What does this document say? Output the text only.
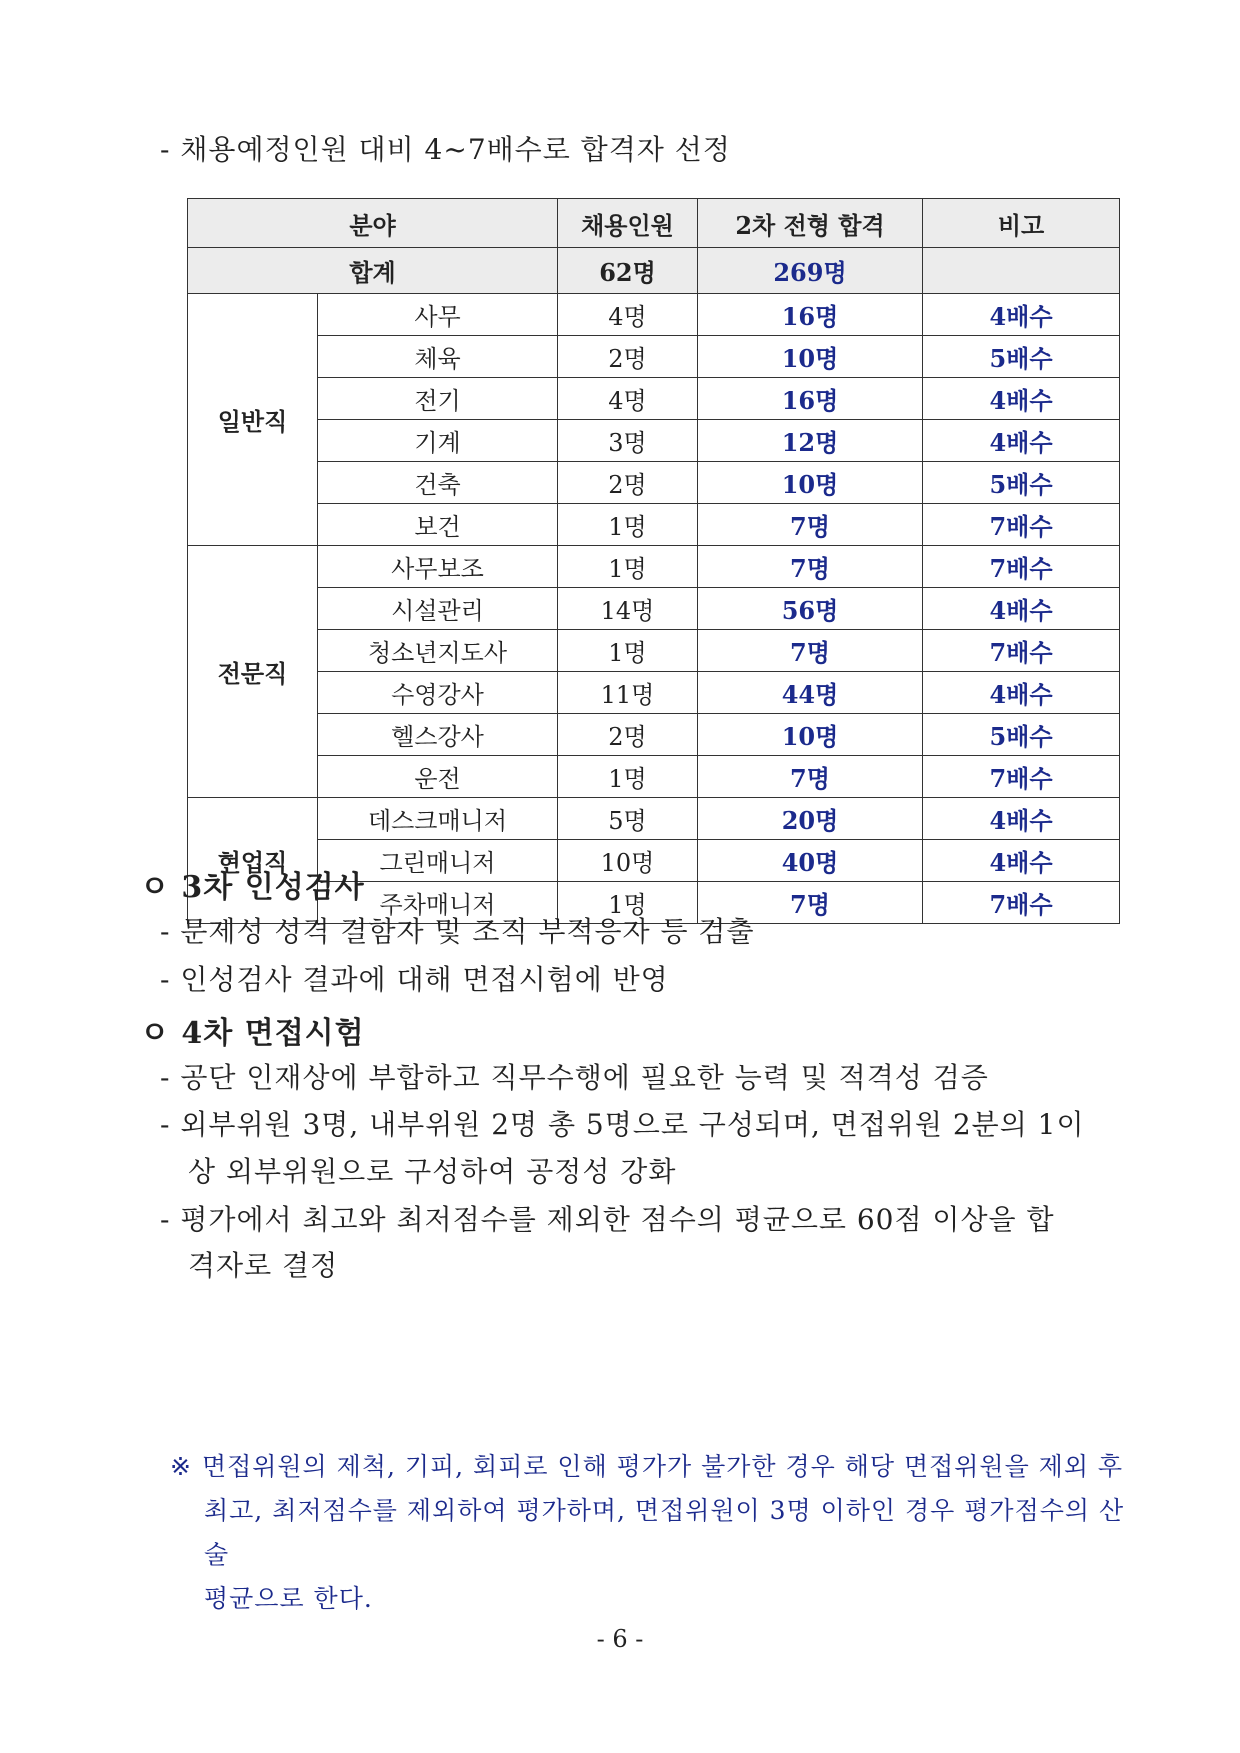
- 채용예정인원 대비 4~7배수로 합격자 선정
분야		채용인원	2차 전형 합격	비고
합계		62명	269명	
일반직	사무	4명	16명	4배수
	체육	2명	10명	5배수
	전기	4명	16명	4배수
	기계	3명	12명	4배수
	건축	2명	10명	5배수
	보건	1명	7명	7배수
전문직	사무보조	1명	7명	7배수
	시설관리	14명	56명	4배수
	청소년지도사	1명	7명	7배수
	수영강사	11명	44명	4배수
	헬스강사	2명	10명	5배수
	운전	1명	7명	7배수
현업직	데스크매니저	5명	20명	4배수
	그린매니저	10명	40명	4배수
	주차매니저	1명	7명	7배수
ㅇ 3차 인성검사
- 문제성 성격 결함자 및 조직 부적응자 등 검출
- 인성검사 결과에 대해 면접시험에 반영
ㅇ 4차 면접시험
- 공단 인재상에 부합하고 직무수행에 필요한 능력 및 적격성 검증
- 외부위원 3명, 내부위원 2명 총 5명으로 구성되며, 면접위원 2분의 1이
상 외부위원으로 구성하여 공정성 강화
- 평가에서 최고와 최저점수를 제외한 점수의 평균으로 60점 이상을 합
격자로 결정
※ 면접위원의 제척, 기피, 회피로 인해 평가가 불가한 경우 해당 면접위원을 제외 후
최고, 최저점수를 제외하여 평가하며, 면접위원이 3명 이하인 경우 평가점수의 산술
평균으로 한다.
- 6 -
